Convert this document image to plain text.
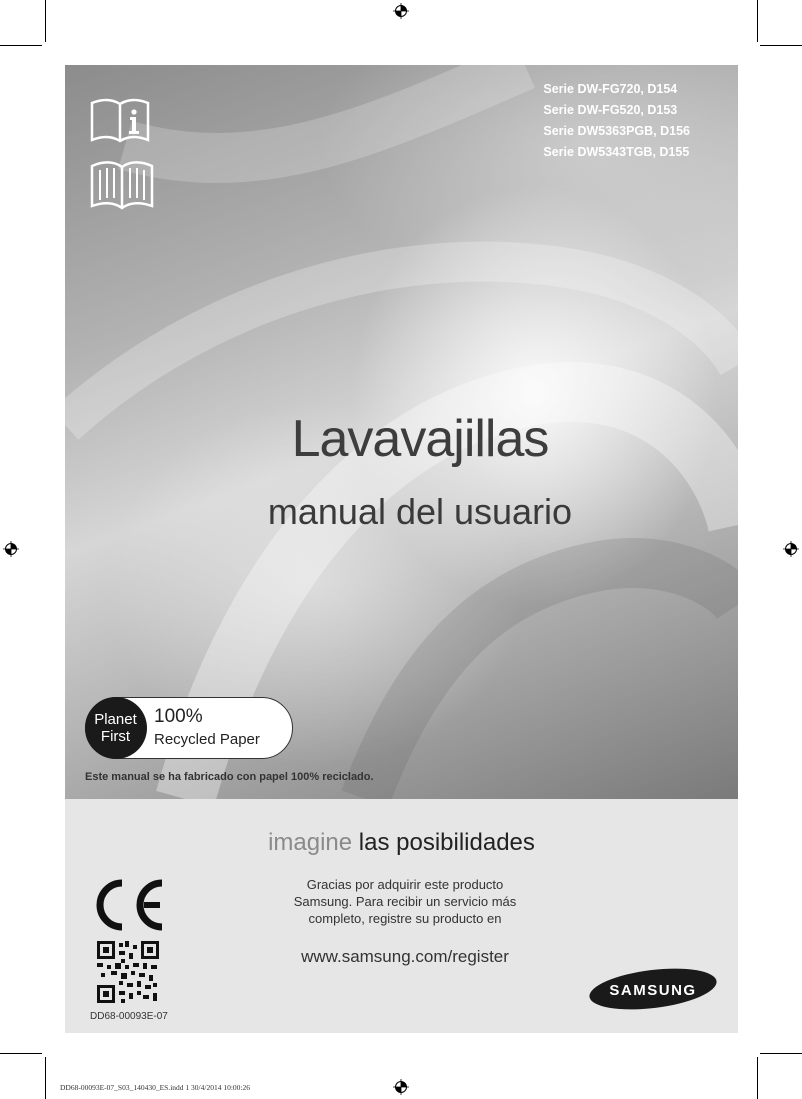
Serie DW-FG720, D154
Serie DW-FG520, D153
Serie DW5363PGB, D156
Serie DW5343TGB, D155
Lavavajillas
manual del usuario
Planet
First
100%
Recycled Paper
Este manual se ha fabricado con papel 100% reciclado.
imagine las posibilidades
Gracias por adquirir este producto
Samsung. Para recibir un servicio más
completo, registre su producto en
www.samsung.com/register
DD68-00093E-07
SAMSUNG
DD68-00093E-07_S03_140430_ES.indd 1 30/4/2014 10:00:26
